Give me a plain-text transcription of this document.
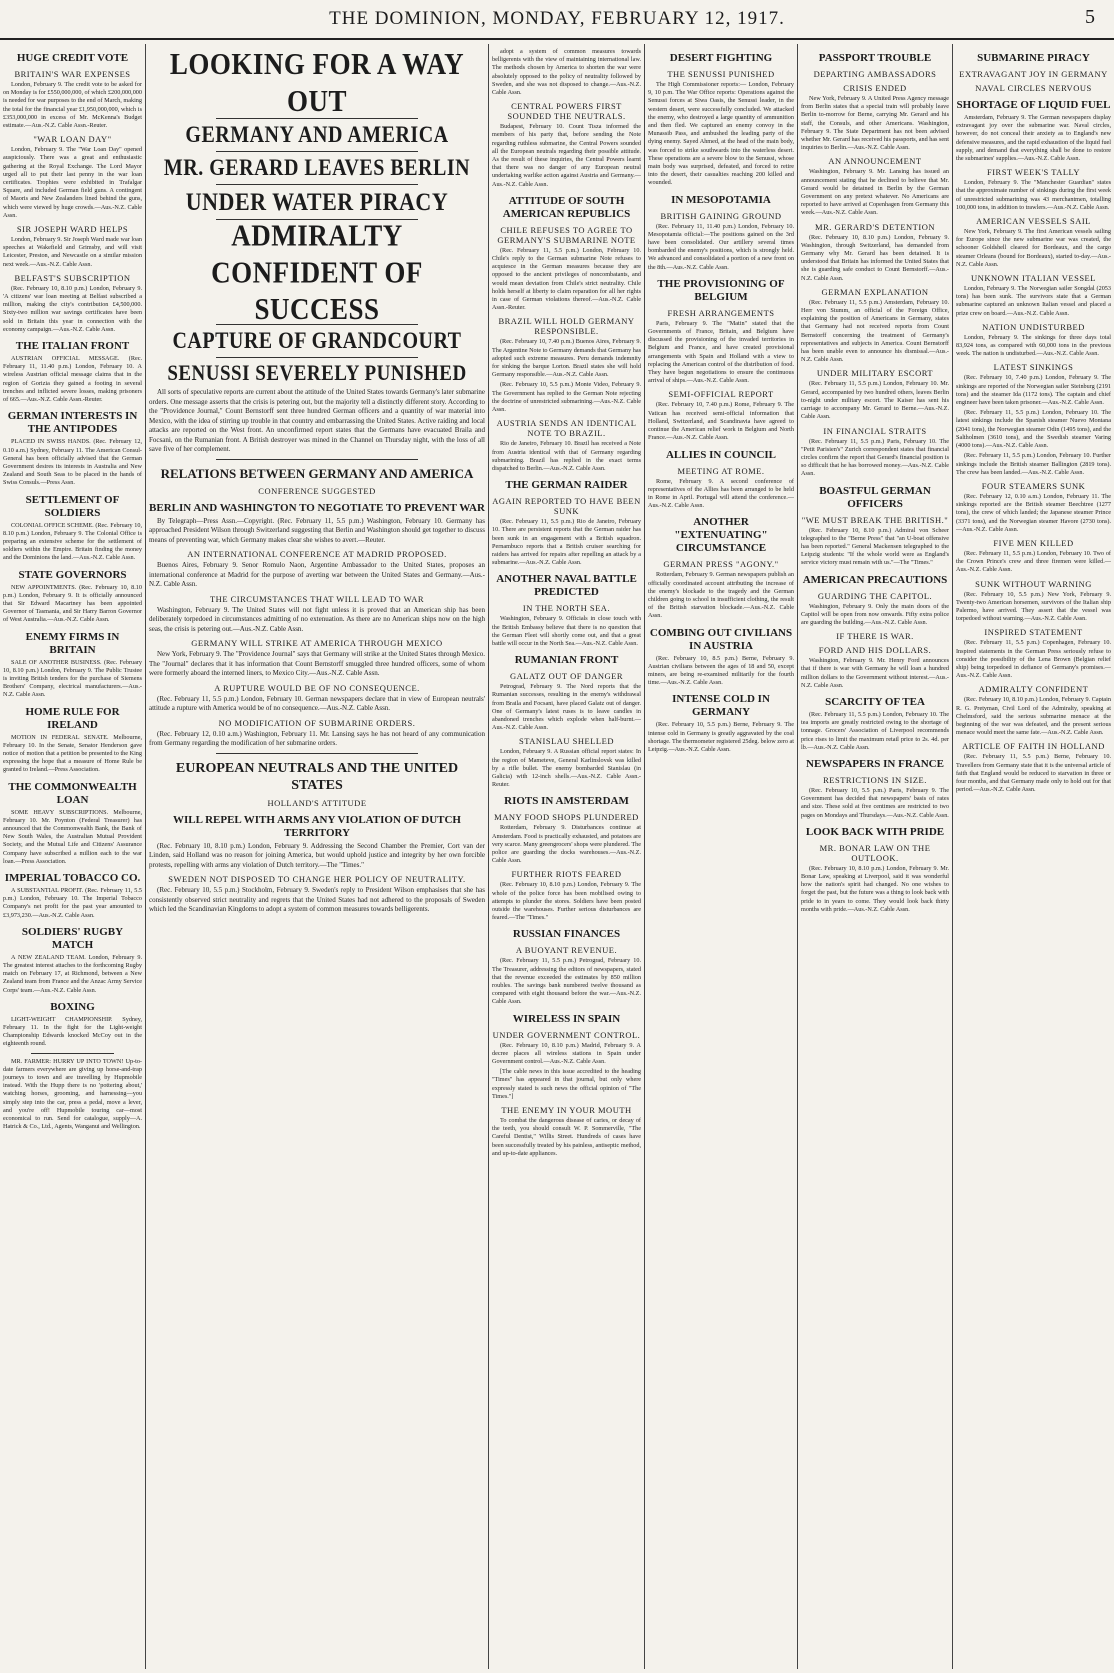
THE DOMINION, MONDAY, FEBRUARY 12, 1917.	5
HUGE CREDIT VOTE
BRITAIN'S WAR EXPENSES

London, February 9. The credit vote to be asked for on Monday is for £550,000,000, of which £200,000,000 is needed for war purposes to the end of March, making the total for the financial year £1,950,000,000, which is £353,000,000 in excess of Mr. McKenna's Budget estimate.—Aus.-N.Z. Cable Assn.-Reuter.

"WAR LOAN DAY"

London, February 9. The "War Loan Day" opened auspiciously. There was a great and enthusiastic gathering at the Royal Exchange. The Lord Mayor urged all to put their last penny in the war loan certificates. Trophies were exhibited in Trafalgar Square, and included German field guns. A contingent of Maoris and New Zealanders lined behind the guns, which were viewed by huge crowds.—Aus.-N.Z. Cable Assn.

SIR JOSEPH WARD HELPS

London, February 9. Sir Joseph Ward made war loan speeches at Wakefield and Grimsby, and will visit Leicester, Preston, and Newcastle on a similar mission next week.—Aus.-N.Z. Cable Assn.

BELFAST'S SUBSCRIPTION

(Rec. February 10, 8.10 p.m.) London, February 9. 'A citizens' war loan meeting at Belfast subscribed a million, making the city's contribution £4,500,000. Sixty-two million war savings certificates have been sold in Britain this year in connection with the economy campaign.—Aus.-N.Z. Cable Assn.

THE ITALIAN FRONT

AUSTRIAN OFFICIAL MESSAGE. (Rec. February 11, 11.40 p.m.) London, February 10. A wireless Austrian official message claims that in the region of Gorizia they gained a footing in several trenches and inflicted severe losses, making prisoners of 665.—Aus.-N.Z. Cable Assn.-Reuter.

GERMAN INTERESTS IN THE ANTIPODES

PLACED IN SWISS HANDS. (Rec. February 12, 0.10 a.m.) Sydney, February 11. The American Consul-General has been officially advised that the German Government desires its interests in Australia and New Zealand and South Seas to be placed in the hands of Swiss Consuls.—Press Assn.

SETTLEMENT OF SOLDIERS

COLONIAL OFFICE SCHEME. (Rec. February 10, 8.10 p.m.) London, February 9. The Colonial Office is preparing an extensive scheme for the settlement of soldiers within the Empire. Britain finding the money and the Dominions the land.—Aus.-N.Z. Cable Assn.

STATE GOVERNORS

NEW APPOINTMENTS. (Rec. February 10, 8.10 p.m.) London, February 9. It is officially announced that Sir Edward Macartney has been appointed Governor of Tasmania, and Sir Harry Barron Governor of West Australia.—Aus.-N.Z. Cable Assn.

ENEMY FIRMS IN BRITAIN

SALE OF ANOTHER BUSINESS. (Rec. February 10, 8.10 p.m.) London, February 9. The Public Trustee is inviting British tenders for the purchase of Siemens Brothers' Company, electrical manufacturers.—Aus.-N.Z. Cable Assn.

HOME RULE FOR IRELAND

MOTION IN FEDERAL SENATE. Melbourne, February 10. In the Senate, Senator Henderson gave notice of motion that a petition be presented to the King expressing the hope that a measure of Home Rule be granted to Ireland.—Press Association.

THE COMMONWEALTH LOAN

SOME HEAVY SUBSCRIPTIONS. Melbourne, February 10. Mr. Poynton (Federal Treasurer) has announced that the Commonwealth Bank, the Bank of New South Wales, the Australian Mutual Provident Society, and the Mutual Life and Citizens' Assurance Company have subscribed a million each to the war loan.—Press Association.

IMPERIAL TOBACCO CO.

A SUBSTANTIAL PROFIT. (Rec. February 11, 5.5 p.m.) London, February 10. The Imperial Tobacco Company's net profit for the past year amounted to £3,973,230.—Aus.-N.Z. Cable Assn.

SOLDIERS' RUGBY MATCH

A NEW ZEALAND TEAM. London, February 9. The greatest interest attaches to the forthcoming Rugby match on February 17, at Richmond, between a New Zealand team from France and the Anzac Army Service Corps' team.—Aus.-N.Z. Cable Assn.

BOXING

LIGHT-WEIGHT CHAMPIONSHIP. Sydney, February 11. In the fight for the Light-weight Championship Edwards knocked McCoy out in the eighteenth round.

MR. FARMER: HURRY UP INTO TOWN! Up-to-date farmers everywhere are giving up horse-and-trap journeys to town and are travelling by Hupmobile instead. With the Hupp there is no 'pottering about,' watching horses, grooming, and harnessing—you simply step into the car, press a pedal, move a lever, and you're off! Hupmobile touring car—most economical to run. Send for catalogue, supply—A. Hatrick & Co., Ltd., Agents, Wanganui and Wellington.

LOOKING FOR A WAY OUT
GERMANY AND AMERICA
MR. GERARD LEAVES BERLIN
UNDER WATER PIRACY
ADMIRALTY CONFIDENT OF SUCCESS
CAPTURE OF GRANDCOURT
SENUSSI SEVERELY PUNISHED

All sorts of speculative reports are current about the attitude of the United States towards Germany's later submarine orders. One message asserts that the crisis is petering out, but the majority tell a distinctly different story. According to the "Providence Journal," Count Bernstorff sent three hundred German officers and a quantity of war material into Mexico, with the idea of stirring up trouble in that country and embarrassing the United States. Active raiding and local attacks are reported on the West front. An unconfirmed report states that the Germans have evacuated Braila and Focsani, on the Rumanian front. A British destroyer was mined in the Channel on Thursday night, with the loss of all save five of her complement.

RELATIONS BETWEEN GERMANY AND AMERICA
CONFERENCE SUGGESTED
BERLIN AND WASHINGTON TO NEGOTIATE TO PREVENT WAR

By Telegraph—Press Assn.—Copyright. (Rec. February 11, 5.5 p.m.) Washington, February 10. Germany has approached President Wilson through Switzerland suggesting that Berlin and Washington should get together to discuss means of preventing war, which Germany makes clear she wishes to avert.—Reuter.

AN INTERNATIONAL CONFERENCE AT MADRID PROPOSED.

Buenos Aires, February 9. Senor Romulo Naon, Argentine Ambassador to the United States, proposes an international conference at Madrid for the purpose of averting war between the United States and Germany.—Aus.-N.Z. Cable Assn.

THE CIRCUMSTANCES THAT WILL LEAD TO WAR

Washington, February 9. The United States will not fight unless it is proved that an American ship has been deliberately torpedoed in circumstances admitting of no extenuation. As there are no American ships now on the high seas, the crisis is petering out.—Aus.-N.Z. Cable Assn.

GERMANY WILL STRIKE AT AMERICA THROUGH MEXICO

New York, February 9. The "Providence Journal" says that Germany will strike at the United States through Mexico. The "Journal" declares that it has information that Count Bernstorff smuggled three hundred officers, some of whom were formerly aboard the interned liners, to Mexico City.—Aus.-N.Z. Cable Assn.

A RUPTURE WOULD BE OF NO CONSEQUENCE.

(Rec. February 11, 5.5 p.m.) London, February 10. German newspapers declare that in view of European neutrals' attitude a rupture with America would be of no consequence.—Aus.-N.Z. Cable Assn.

NO MODIFICATION OF SUBMARINE ORDERS.

(Rec. February 12, 0.10 a.m.) Washington, February 11. Mr. Lansing says he has not heard of any communication from Germany regarding the modification of her submarine orders.

EUROPEAN NEUTRALS AND THE UNITED STATES
HOLLAND'S ATTITUDE
WILL REPEL WITH ARMS ANY VIOLATION OF DUTCH TERRITORY

(Rec. February 10, 8.10 p.m.) London, February 9. Addressing the Second Chamber the Premier, Cort van der Linden, said Holland was no reason for joining America, but would uphold justice and integrity by her own forcible protests, repelling with arms any violation of Dutch territory.—The "Times."

SWEDEN NOT DISPOSED TO CHANGE HER POLICY OF NEUTRALITY.

(Rec. February 10, 5.5 p.m.) Stockholm, February 9. Sweden's reply to President Wilson emphasises that she has consistently observed strict neutrality and regrets that the United States had not adhered to the proposals of Sweden which led the Scandinavian Kingdoms to adopt a system of common measures towards belligerents.

adopt a system of common measures towards belligerents with the view of maintaining international law. The methods chosen by America to shorten the war were absolutely opposed to the policy of neutrality followed by Sweden, and she was not disposed to change.—Aus.-N.Z. Cable Assn.

CENTRAL POWERS FIRST SOUNDED THE NEUTRALS.

Budapest, February 10. Count Tisza informed the members of his party that, before sending the Note regarding ruthless submarine, the Central Powers sounded all the European neutrals regarding their possible attitude. As the result of these inquiries, the Central Powers learnt that there was no danger of any European neutral undertaking warlike action against Austria and Germany.—Aus.-N.Z. Cable Assn.

ATTITUDE OF SOUTH AMERICAN REPUBLICS
CHILE REFUSES TO AGREE TO GERMANY'S SUBMARINE NOTE

(Rec. February 11, 5.5 p.m.) London, February 10. Chile's reply to the German submarine Note refuses to acquiesce in the German measures because they are opposed to the ancient privileges of noncombatants, and would mean deviation from Chile's strict neutrality. Chile holds herself at liberty to claim reparation for all her rights in case of German violations thereof.—Aus.-N.Z. Cable Assn.-Reuter.

BRAZIL WILL HOLD GERMANY RESPONSIBLE.

(Rec. February 10, 7.40 p.m.) Buenos Aires, February 9. The Argentine Note to Germany demands that Germany has adopted such extreme measures. Peru demands indemnity for sinking the barque Lorton. Brazil states she will hold Germany responsible.—Aus.-N.Z. Cable Assn.

(Rec. February 10, 5.5 p.m.) Monte Video, February 9. The Government has replied to the German Note rejecting the doctrine of unrestricted submarining.—Aus.-N.Z. Cable Assn.

AUSTRIA SENDS AN IDENTICAL NOTE TO BRAZIL.

Rio de Janeiro, February 10. Brazil has received a Note from Austria identical with that of Germany regarding submarining. Brazil has replied in the exact terms dispatched to Berlin.—Aus.-N.Z. Cable Assn.

THE GERMAN RAIDER
AGAIN REPORTED TO HAVE BEEN SUNK

(Rec. February 11, 5.5 p.m.) Rio de Janeiro, February 10. There are persistent reports that the German raider has been sunk in an engagement with a British squadron. Pernambuco reports that a British cruiser searching for raiders has arrived for repairs after repelling an attack by a submarine.—Aus.-N.Z. Cable Assn.

ANOTHER NAVAL BATTLE PREDICTED
IN THE NORTH SEA.

Washington, February 9. Officials in close touch with the British Embassy believe that there is no question that the German Fleet will shortly come out, and that a great battle will occur in the North Sea.—Aus.-N.Z. Cable Assn.

RUMANIAN FRONT
GALATZ OUT OF DANGER

Petrograd, February 9. The Nord reports that the Rumanian successes, resulting in the enemy's withdrawal from Braila and Focsani, have placed Galatz out of danger. One of Germany's latest ruses is to leave candles in abandoned trenches which explode when half-burnt.—Aus.-N.Z. Cable Assn.

STANISLAU SHELLED

London, February 9. A Russian official report states: In the region of Mameteve, General Karlinslovsk was killed by a rifle bullet. The enemy bombarded Stanislau (in Galicia) with 12-inch shells.—Aus.-N.Z. Cable Assn.-Reuter.

RIOTS IN AMSTERDAM
MANY FOOD SHOPS PLUNDERED

Rotterdam, February 9. Disturbances continue at Amsterdam. Food is practically exhausted, and potatoes are very scarce. Many greengrocers' shops were plundered. The police are guarding the docks warehouses.—Aus.-N.Z. Cable Assn.

FURTHER RIOTS FEARED

(Rec. February 10, 8.10 p.m.) London, February 9. The whole of the police force has been mobilised owing to attempts to plunder the stores. Soldiers have been posted outside the warehouses. Further serious disturbances are feared.—The "Times."

RUSSIAN FINANCES
A BUOYANT REVENUE.

(Rec. February 11, 5.5 p.m.) Petrograd, February 10. The Treasurer, addressing the editors of newspapers, stated that the revenue exceeded the estimates by 850 million roubles. The savings bank numbered twelve thousand as compared with eight thousand before the war.—Aus.-N.Z. Cable Assn.

WIRELESS IN SPAIN
UNDER GOVERNMENT CONTROL.

(Rec. February 10, 8.10 p.m.) Madrid, February 9. A decree places all wireless stations in Spain under Government control.—Aus.-N.Z. Cable Assn.

[The cable news in this issue accredited to the heading "Times" has appeared in that journal, but only where expressly stated is such news the official opinion of "The Times."]

THE ENEMY IN YOUR MOUTH

To combat the dangerous disease of caries, or decay of the teeth, you should consult W. P. Sommerville, "The Careful Dentist," Willis Street. Hundreds of cases have been successfully treated by his painless, antiseptic method, and up-to-date appliances.

DESERT FIGHTING
THE SENUSSI PUNISHED

The High Commissioner reports:— London, February 9, 10 p.m. The War Office reports: Operations against the Senussi forces at Siwa Oasis, the Senussi leader, in the western desert, were successfully concluded. We attacked the enemy, who destroyed a large quantity of ammunition and then fled. We captured an enemy convoy in the Munassib Pass, and ambushed the leading party of the dying enemy. Sayed Ahmed, at the head of the main body, was forced to strike southwards into the waterless desert. These operations are a severe blow to the Senussi, whose main body was surprised, defeated, and forced to retire into the desert, their casualties reaching 200 killed and wounded.

IN MESOPOTAMIA
BRITISH GAINING GROUND

(Rec. February 11, 11.40 p.m.) London, February 10. Mesopotamia official:—The positions gained on the 3rd have been consolidated. Our artillery several times bombarded the enemy's positions, which is strongly held. We advanced and consolidated a portion of a new front on the 8th.—Aus.-N.Z. Cable Assn.

THE PROVISIONING OF BELGIUM
FRESH ARRANGEMENTS

Paris, February 9. The "Matin" stated that the Governments of France, Britain, and Belgium have discussed the provisioning of the invaded territories in Belgium and France, and have created provisional arrangements with Spain and Holland with a view to replacing the American control of the distribution of food. They have begun negotiations to ensure the continuous arrival of ships.—Aus.-N.Z. Cable Assn.

SEMI-OFFICIAL REPORT

(Rec. February 10, 7.40 p.m.) Rome, February 9. The Vatican has received semi-official information that Holland, Switzerland, and Scandinavia have agreed to continue the American relief work in Belgium and North France.—Aus.-N.Z. Cable Assn.

ALLIES IN COUNCIL
MEETING AT ROME.

Rome, February 9. A second conference of representatives of the Allies has been arranged to be held in Rome in April. Portugal will attend the conference.—Aus.-N.Z. Cable Assn.

ANOTHER "EXTENUATING" CIRCUMSTANCE
GERMAN PRESS "AGONY."

Rotterdam, February 9. German newspapers publish an officially coordinated account attributing the increase of the enemy's blockade to the tragedy and the German children going to school in insufficient clothing, the result of the British starvation blockade.—Aus.-N.Z. Cable Assn.

COMBING OUT CIVILIANS IN AUSTRIA

(Rec. February 10, 8.5 p.m.) Berne, February 9. Austrian civilians between the ages of 18 and 50, except miners, are being re-examined militarily for the fourth time.—Aus.-N.Z. Cable Assn.

INTENSE COLD IN GERMANY

(Rec. February 10, 5.5 p.m.) Berne, February 9. The intense cold in Germany is greatly aggravated by the coal shortage. The thermometer registered 25deg. below zero at Leipzig.—Aus.-N.Z. Cable Assn.

PASSPORT TROUBLE
DEPARTING AMBASSADORS
CRISIS ENDED

New York, February 9. A United Press Agency message from Berlin states that a special train will probably leave Berlin to-morrow for Berne, carrying Mr. Gerard and his staff, the Consuls, and other Americans. Washington, February 9. The State Department has not been advised whether Mr. Gerard has received his passports, and has sent inquiries to Berlin.—Aus.-N.Z. Cable Assn.

AN ANNOUNCEMENT

Washington, February 9. Mr. Lansing has issued an announcement stating that he declined to believe that Mr. Gerard would be detained in Berlin by the German Government on any pretext whatever. No Americans are reported to have arrived at Copenhagen from Germany this week.—Aus.-N.Z. Cable Assn.

MR. GERARD'S DETENTION

(Rec. February 10, 8.10 p.m.) London, February 9. Washington, through Switzerland, has demanded from Germany why Mr. Gerard has been detained. It is understood that Britain has informed the United States that she is guarding safe conduct to Count Bernstorff.—Aus.-N.Z. Cable Assn.

GERMAN EXPLANATION

(Rec. February 11, 5.5 p.m.) Amsterdam, February 10. Herr von Stumm, an official of the Foreign Office, explaining the position of Americans in Germany, states that Germany had not received reports from Count Bernstorff concerning the treatment of Germany's representatives and subjects in America. Count Bernstorff has been unable even to announce his dismissal.—Aus.-N.Z. Cable Assn.

UNDER MILITARY ESCORT

(Rec. February 11, 5.5 p.m.) London, February 10. Mr. Gerard, accompanied by two hundred others, leaves Berlin to-night under military escort. The Kaiser has sent his carriage to accompany Mr. Gerard to Berne.—Aus.-N.Z. Cable Assn.

IN FINANCIAL STRAITS

(Rec. February 11, 5.5 p.m.) Paris, February 10. The "Petit Parisien's" Zurich correspondent states that financial circles confirm the report that Gerard's financial position is so difficult that he has borrowed money.—Aus.-N.Z. Cable Assn.

BOASTFUL GERMAN OFFICERS
"WE MUST BREAK THE BRITISH."

(Rec. February 10, 8.10 p.m.) Admiral von Scheer telegraphed to the "Berne Press" that "an U-boat offensive has been reported." General Mackensen telegraphed to the Leipzig students: "If the whole world were as England's service victory must remain with us."—The "Times."

AMERICAN PRECAUTIONS
GUARDING THE CAPITOL.

Washington, February 9. Only the main doors of the Capitol will be open from now onwards. Fifty extra police are guarding the building.—Aus.-N.Z. Cable Assn.

IF THERE IS WAR.
FORD AND HIS DOLLARS.

Washington, February 9. Mr. Henry Ford announces that if there is war with Germany he will loan a hundred million dollars to the Government without interest.—Aus.-N.Z. Cable Assn.

SCARCITY OF TEA

(Rec. February 11, 5.5 p.m.) London, February 10. The tea imports are greatly restricted owing to the shortage of tonnage. Grocers' Association of Liverpool recommends price rises to limit the maximum retail price to 2s. 4d. per lb.—Aus.-N.Z. Cable Assn.

NEWSPAPERS IN FRANCE
RESTRICTIONS IN SIZE.

(Rec. February 10, 5.5 p.m.) Paris, February 9. The Government has decided that newspapers' basis of rates and size. These sold at five centimes are restricted to two pages on Mondays and Thursdays.—Aus.-N.Z. Cable Assn.

LOOK BACK WITH PRIDE
MR. BONAR LAW ON THE OUTLOOK.

(Rec. February 10, 8.10 p.m.) London, February 9. Mr. Bonar Law, speaking at Liverpool, said it was wonderful how the nation's spirit had changed. No one wishes to forget the past, but the future was a thing to look back with pride to in years to come. They would look back thirty months with pride.—Aus.-N.Z. Cable Assn.

SUBMARINE PIRACY
EXTRAVAGANT JOY IN GERMANY
NAVAL CIRCLES NERVOUS
SHORTAGE OF LIQUID FUEL

Amsterdam, February 9. The German newspapers display extravagant joy over the submarine war. Naval circles, however, do not conceal their anxiety as to England's new defensive measures, and the rapid exhaustion of the liquid fuel supply, and demand that everything shall be done to restore the submarines' supplies.—Aus.-N.Z. Cable Assn.

FIRST WEEK'S TALLY

London, February 9. The "Manchester Guardian" states that the approximate number of sinkings during the first week of unrestricted submarining was 43 merchantmen, totalling 100,000 tons, in addition to trawlers.—Aus.-N.Z. Cable Assn.

AMERICAN VESSELS SAIL

New York, February 9. The first American vessels sailing for Europe since the new submarine war was created, the schooner Goldshell cleared for Bordeaux, and the cargo steamer Orleans (bound for Bordeaux), started to-day.—Aus.-N.Z. Cable Assn.

UNKNOWN ITALIAN VESSEL

London, February 9. The Norwegian sailer Songdal (2053 tons) has been sunk. The survivors state that a German submarine captured an unknown Italian vessel and placed a prize crew on board.—Aus.-N.Z. Cable Assn.

NATION UNDISTURBED

London, February 9. The sinkings for three days total 83,924 tons, as compared with 60,000 tons in the previous week. The nation is undisturbed.—Aus.-N.Z. Cable Assn.

LATEST SINKINGS

(Rec. February 10, 7.40 p.m.) London, February 9. The sinkings are reported of the Norwegian sailer Steinburg (2191 tons) and the steamer Ida (1172 tons). The captain and chief engineer have been taken prisoner.—Aus.-N.Z. Cable Assn.

(Rec. February 11, 5.5 p.m.) London, February 10. The latest sinkings include the Spanish steamer Nuevo Montana (2041 tons), the Norwegian steamer Odin (1495 tons), and the Saltholmen (3610 tons), and the Swedish steamer Varing (4000 tons).—Aus.-N.Z. Cable Assn.

(Rec. February 11, 5.5 p.m.) London, February 10. Further sinkings include the British steamer Ballington (2819 tons). The crew has been landed.—Aus.-N.Z. Cable Assn.

FOUR STEAMERS SUNK

(Rec. February 12, 0.10 a.m.) London, February 11. The sinkings reported are the British steamer Beechtree (1277 tons), the crew of which landed; the Japanese steamer Prince (3371 tons), and the Norwegian steamer Havore (2730 tons).—Aus.-N.Z. Cable Assn.

FIVE MEN KILLED

(Rec. February 11, 5.5 p.m.) London, February 10. Two of the Crown Prince's crew and three firemen were killed.—Aus.-N.Z. Cable Assn.

SUNK WITHOUT WARNING

(Rec. February 10, 5.5 p.m.) New York, February 9. Twenty-two American horsemen, survivors of the Italian ship Palermo, have arrived. They assert that the vessel was torpedoed without warning.—Aus.-N.Z. Cable Assn.

INSPIRED STATEMENT

(Rec. February 11, 5.5 p.m.) Copenhagen, February 10. Inspired statements in the German Press seriously refuse to consider the possibility of the Lena Brown (Belgian relief ship) being torpedoed in defiance of Germany's promises.—Aus.-N.Z. Cable Assn.

ADMIRALTY CONFIDENT

(Rec. February 10, 8.10 p.m.) London, February 9. Captain R. G. Pretyman, Civil Lord of the Admiralty, speaking at Chelmsford, said the serious submarine menace at the beginning of the war was defeated, and the present serious menace would meet the same fate.—Aus.-N.Z. Cable Assn.

ARTICLE OF FAITH IN HOLLAND

(Rec. February 11, 5.5 p.m.) Berne, February 10. Travellers from Germany state that it is the universal article of faith that England would be reduced to starvation in three or four months, and that Germany made only to hold out for that period.—Aus.-N.Z. Cable Assn.
